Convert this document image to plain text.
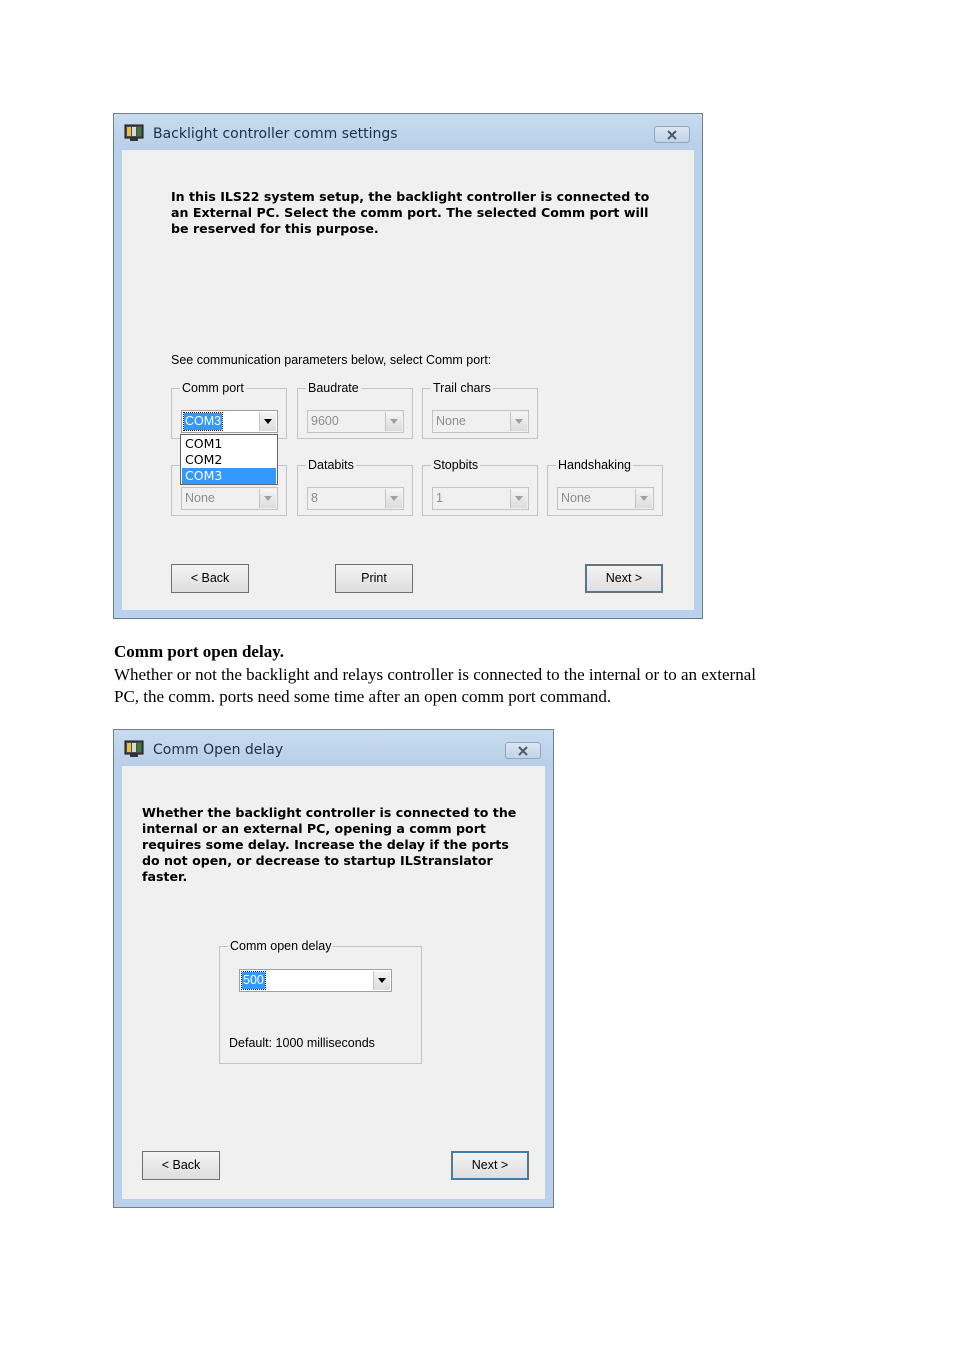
Backlight controller comm settings

In this ILS22 system setup, the backlight controller is connected to an External PC. Select the comm port. The selected Comm port will be reserved for this purpose.

See communication parameters below, select Comm port:
Comm port
COM3
Baudrate
9600
Trail chars
None
None
Databits
8
Stopbits
1
Handshaking
None
COM1
COM2
COM3
< Back	Print	Next >
Comm port open delay.

Whether or not the backlight and relays controller is connected to the internal or to an external
PC, the comm. ports need some time after an open comm port command.

Comm Open delay

Whether the backlight controller is connected to the internal or an external PC, opening a comm port requires some delay. Increase the delay if the ports do not open, or decrease to startup ILStranslator faster.

Comm open delay
500
Default: 1000 milliseconds
< Back	Next >
